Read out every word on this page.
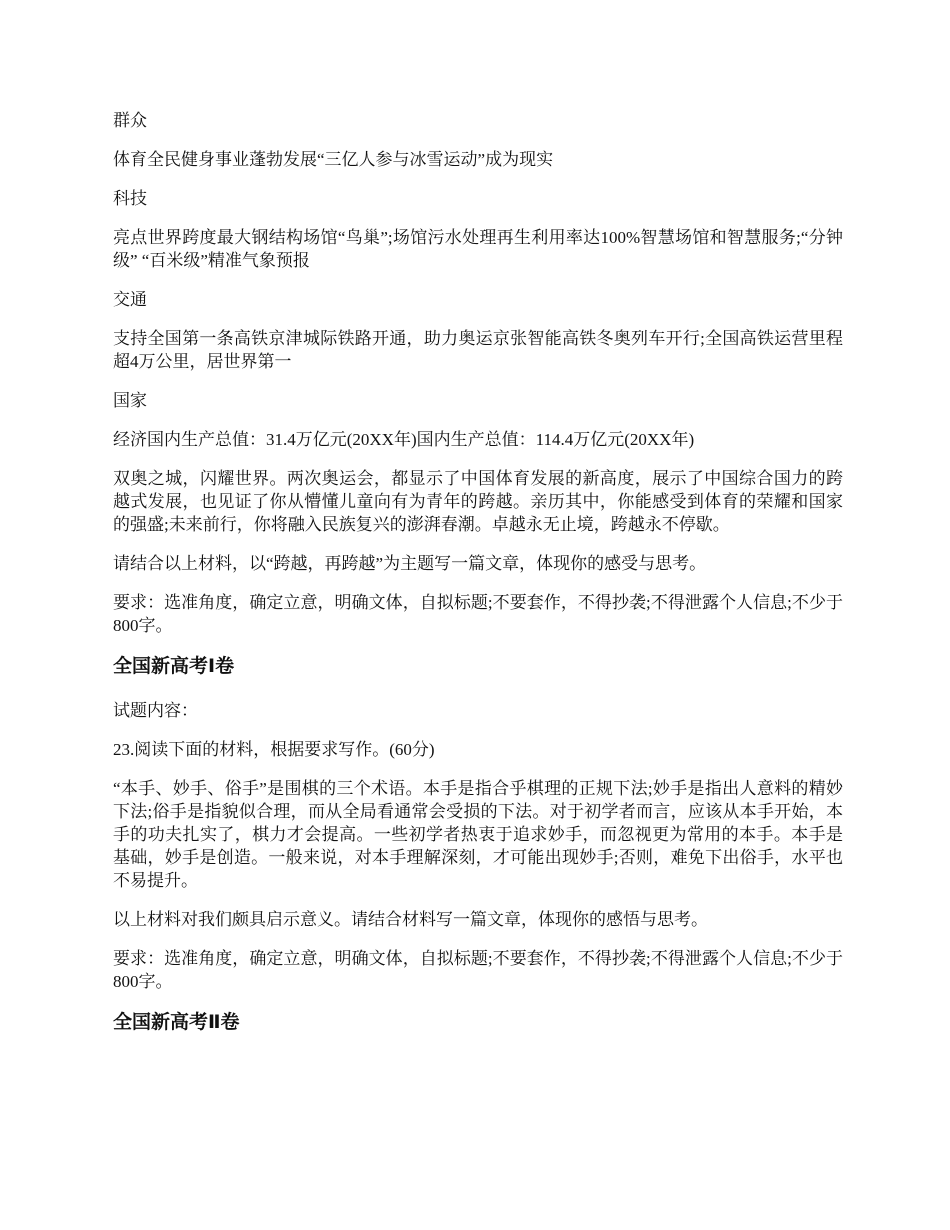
群众

体育全民健身事业蓬勃发展“三亿人参与冰雪运动”成为现实

科技

亮点世界跨度最大钢结构场馆“鸟巢”;场馆污水处理再生利用率达100%智慧场馆和智慧服务;“分钟级” “百米级”精准气象预报

交通

支持全国第一条高铁京津城际铁路开通，助力奥运京张智能高铁冬奥列车开行;全国高铁运营里程超4万公里，居世界第一

国家

经济国内生产总值：31.4万亿元(20XX年)国内生产总值：114.4万亿元(20XX年)

双奥之城，闪耀世界。两次奥运会，都显示了中国体育发展的新高度，展示了中国综合国力的跨越式发展，也见证了你从懵懂儿童向有为青年的跨越。亲历其中，你能感受到体育的荣耀和国家的强盛;未来前行，你将融入民族复兴的澎湃春潮。卓越永无止境，跨越永不停歇。

请结合以上材料，以“跨越，再跨越”为主题写一篇文章，体现你的感受与思考。

要求：选准角度，确定立意，明确文体，自拟标题;不要套作，不得抄袭;不得泄露个人信息;不少于800字。

全国新高考Ⅰ卷

试题内容：

23.阅读下面的材料，根据要求写作。(60分)

“本手、妙手、俗手”是围棋的三个术语。本手是指合乎棋理的正规下法;妙手是指出人意料的精妙下法;俗手是指貌似合理，而从全局看通常会受损的下法。对于初学者而言，应该从本手开始，本手的功夫扎实了，棋力才会提高。一些初学者热衷于追求妙手，而忽视更为常用的本手。本手是基础，妙手是创造。一般来说，对本手理解深刻，才可能出现妙手;否则，难免下出俗手，水平也不易提升。

以上材料对我们颇具启示意义。请结合材料写一篇文章，体现你的感悟与思考。

要求：选准角度，确定立意，明确文体，自拟标题;不要套作，不得抄袭;不得泄露个人信息;不少于800字。

全国新高考Ⅱ卷
